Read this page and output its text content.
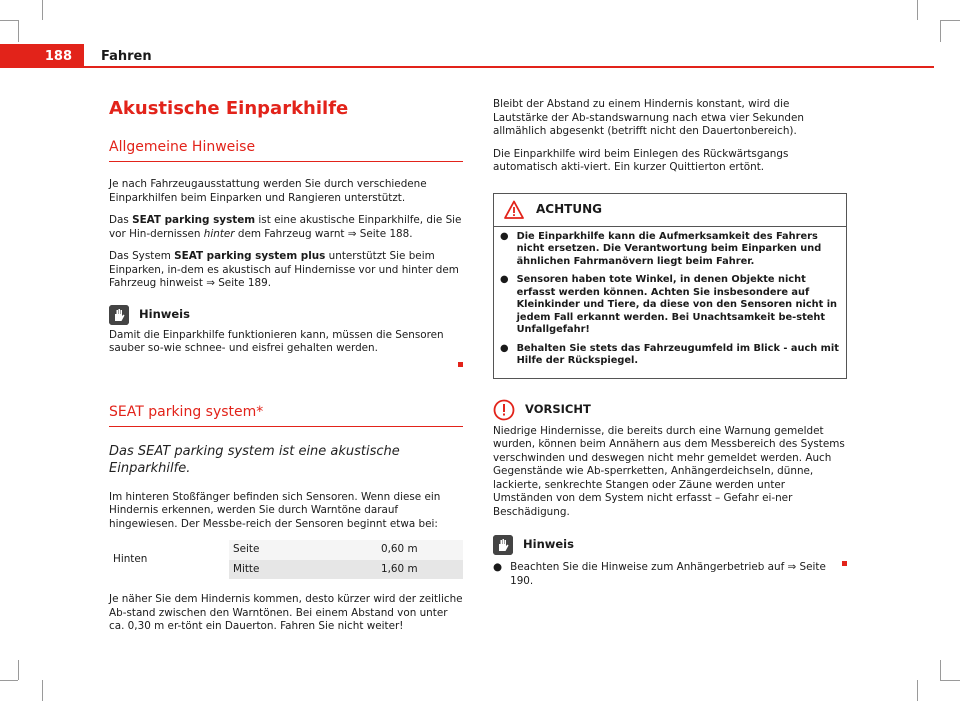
188	Fahren
Akustische Einparkhilfe
Allgemeine Hinweise

Je nach Fahrzeugausstattung werden Sie durch verschiedene Einparkhilfen beim Einparken und Rangieren unterstützt.

Das SEAT parking system ist eine akustische Einparkhilfe, die Sie vor Hin-dernissen hinter dem Fahrzeug warnt ⇒ Seite 188.

Das System SEAT parking system plus unterstützt Sie beim Einparken, in-dem es akustisch auf Hindernisse vor und hinter dem Fahrzeug hinweist ⇒ Seite 189.

Hinweis

Damit die Einparkhilfe funktionieren kann, müssen die Sensoren sauber so-wie schnee- und eisfrei gehalten werden.

SEAT parking system*
Das SEAT parking system ist eine akustische Einparkhilfe.

Im hinteren Stoßfänger befinden sich Sensoren. Wenn diese ein Hindernis erkennen, werden Sie durch Warntöne darauf hingewiesen. Der Messbe-reich der Sensoren beginnt etwa bei:

Hinten	Seite	0,60 m
	Mitte	1,60 m

Je näher Sie dem Hindernis kommen, desto kürzer wird der zeitliche Ab-stand zwischen den Warntönen. Bei einem Abstand von unter ca. 0,30 m er-tönt ein Dauerton. Fahren Sie nicht weiter!

Bleibt der Abstand zu einem Hindernis konstant, wird die Lautstärke der Ab-standswarnung nach etwa vier Sekunden allmählich abgesenkt (betrifft nicht den Dauertonbereich).

Die Einparkhilfe wird beim Einlegen des Rückwärtsgangs automatisch akti-viert. Ein kurzer Quittierton ertönt.

ACHTUNG
● Die Einparkhilfe kann die Aufmerksamkeit des Fahrers nicht ersetzen. Die Verantwortung beim Einparken und ähnlichen Fahrmanövern liegt beim Fahrer.
● Sensoren haben tote Winkel, in denen Objekte nicht erfasst werden können. Achten Sie insbesondere auf Kleinkinder und Tiere, da diese von den Sensoren nicht in jedem Fall erkannt werden. Bei Unachtsamkeit be-steht Unfallgefahr!
● Behalten Sie stets das Fahrzeugumfeld im Blick - auch mit Hilfe der Rückspiegel.
VORSICHT

Niedrige Hindernisse, die bereits durch eine Warnung gemeldet wurden, können beim Annähern aus dem Messbereich des Systems verschwinden und deswegen nicht mehr gemeldet werden. Auch Gegenstände wie Ab-sperrketten, Anhängerdeichseln, dünne, lackierte, senkrechte Stangen oder Zäune werden unter Umständen von dem System nicht erfasst – Gefahr ei-ner Beschädigung.

Hinweis
● Beachten Sie die Hinweise zum Anhängerbetrieb auf ⇒ Seite 190.
